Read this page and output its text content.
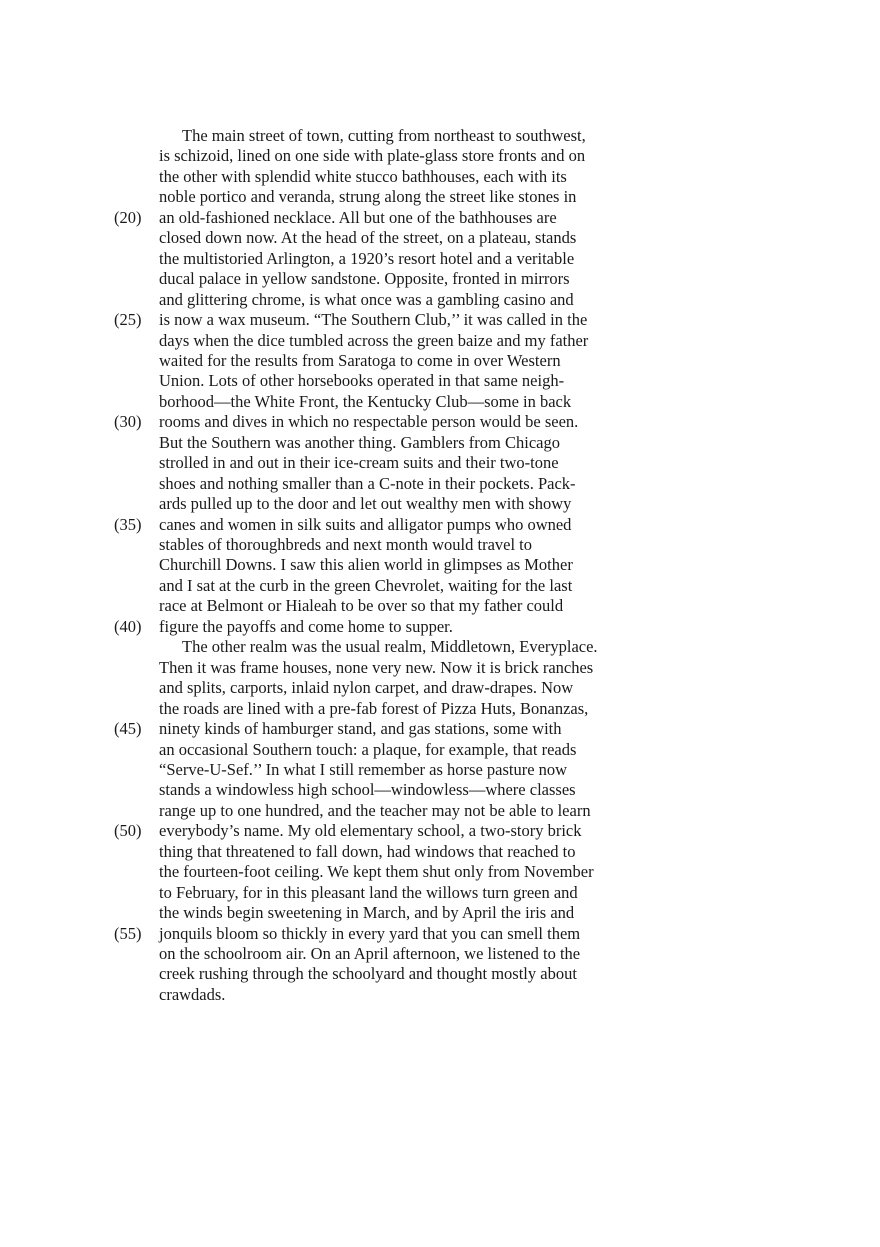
The main street of town, cutting from northeast to southwest,
is schizoid, lined on one side with plate-glass store fronts and on
the other with splendid white stucco bathhouses, each with its
noble portico and veranda, strung along the street like stones in
(20)	an old-fashioned necklace. All but one of the bathhouses are
closed down now. At the head of the street, on a plateau, stands
the multistoried Arlington, a 1920’s resort hotel and a veritable
ducal palace in yellow sandstone. Opposite, fronted in mirrors
and glittering chrome, is what once was a gambling casino and
(25)	is now a wax museum. “The Southern Club,’’ it was called in the
days when the dice tumbled across the green baize and my father
waited for the results from Saratoga to come in over Western
Union. Lots of other horsebooks operated in that same neigh-
borhood—the White Front, the Kentucky Club—some in back
(30)	rooms and dives in which no respectable person would be seen.
But the Southern was another thing. Gamblers from Chicago
strolled in and out in their ice-cream suits and their two-tone
shoes and nothing smaller than a C-note in their pockets. Pack-
ards pulled up to the door and let out wealthy men with showy
(35)	canes and women in silk suits and alligator pumps who owned
stables of thoroughbreds and next month would travel to
Churchill Downs. I saw this alien world in glimpses as Mother
and I sat at the curb in the green Chevrolet, waiting for the last
race at Belmont or Hialeah to be over so that my father could
(40)	figure the payoffs and come home to supper.
The other realm was the usual realm, Middletown, Everyplace.
Then it was frame houses, none very new. Now it is brick ranches
and splits, carports, inlaid nylon carpet, and draw-drapes. Now
the roads are lined with a pre-fab forest of Pizza Huts, Bonanzas,
(45)	ninety kinds of hamburger stand, and gas stations, some with
an occasional Southern touch: a plaque, for example, that reads
“Serve-U-Sef.’’ In what I still remember as horse pasture now
stands a windowless high school—windowless—where classes
range up to one hundred, and the teacher may not be able to learn
(50)	everybody’s name. My old elementary school, a two-story brick
thing that threatened to fall down, had windows that reached to
the fourteen-foot ceiling. We kept them shut only from November
to February, for in this pleasant land the willows turn green and
the winds begin sweetening in March, and by April the iris and
(55)	jonquils bloom so thickly in every yard that you can smell them
on the schoolroom air. On an April afternoon, we listened to the
creek rushing through the schoolyard and thought mostly about
crawdads.
